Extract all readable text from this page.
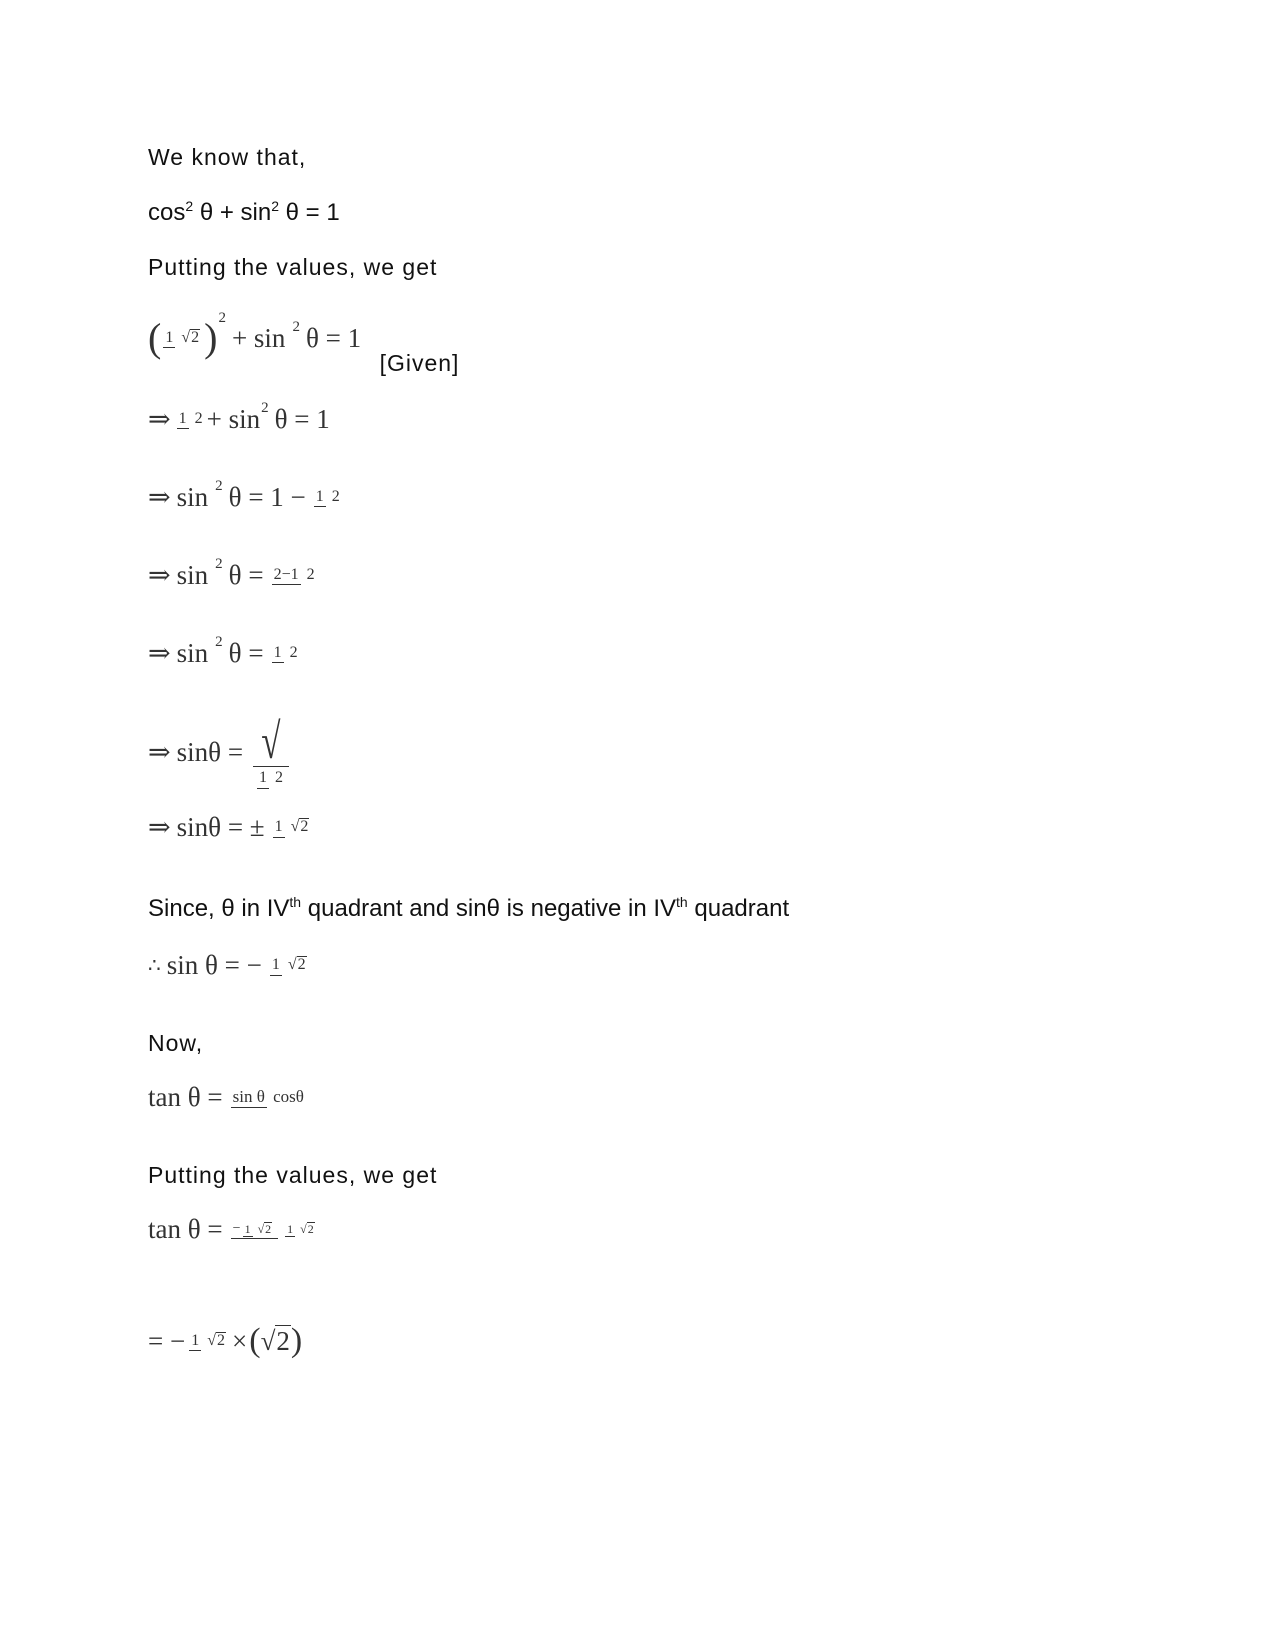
We know that,
$\cos^2 \theta + \sin^2 \theta = 1$
Putting the values, we get
( 1 √2 ) 2
+ sin 2 θ = 1
[Given]
⇒ 1 2 + sin 2 θ = 1
⇒ sin 2 θ = 1 − 1 2
⇒ sin 2 θ = 2−1 2
⇒ sin 2 θ = 1 2
⇒ sinθ = √
1 2
⇒ sinθ = ± 1 √2
Since, θ in IVth quadrant and sinθ is negative in IVth quadrant
∴ sin θ = − 1 √2
Now,
tan θ = sin θ cosθ
Putting the values, we get
tan θ = − 1 √2 1 √2
= − 1 √2 × ( √ 2 )
